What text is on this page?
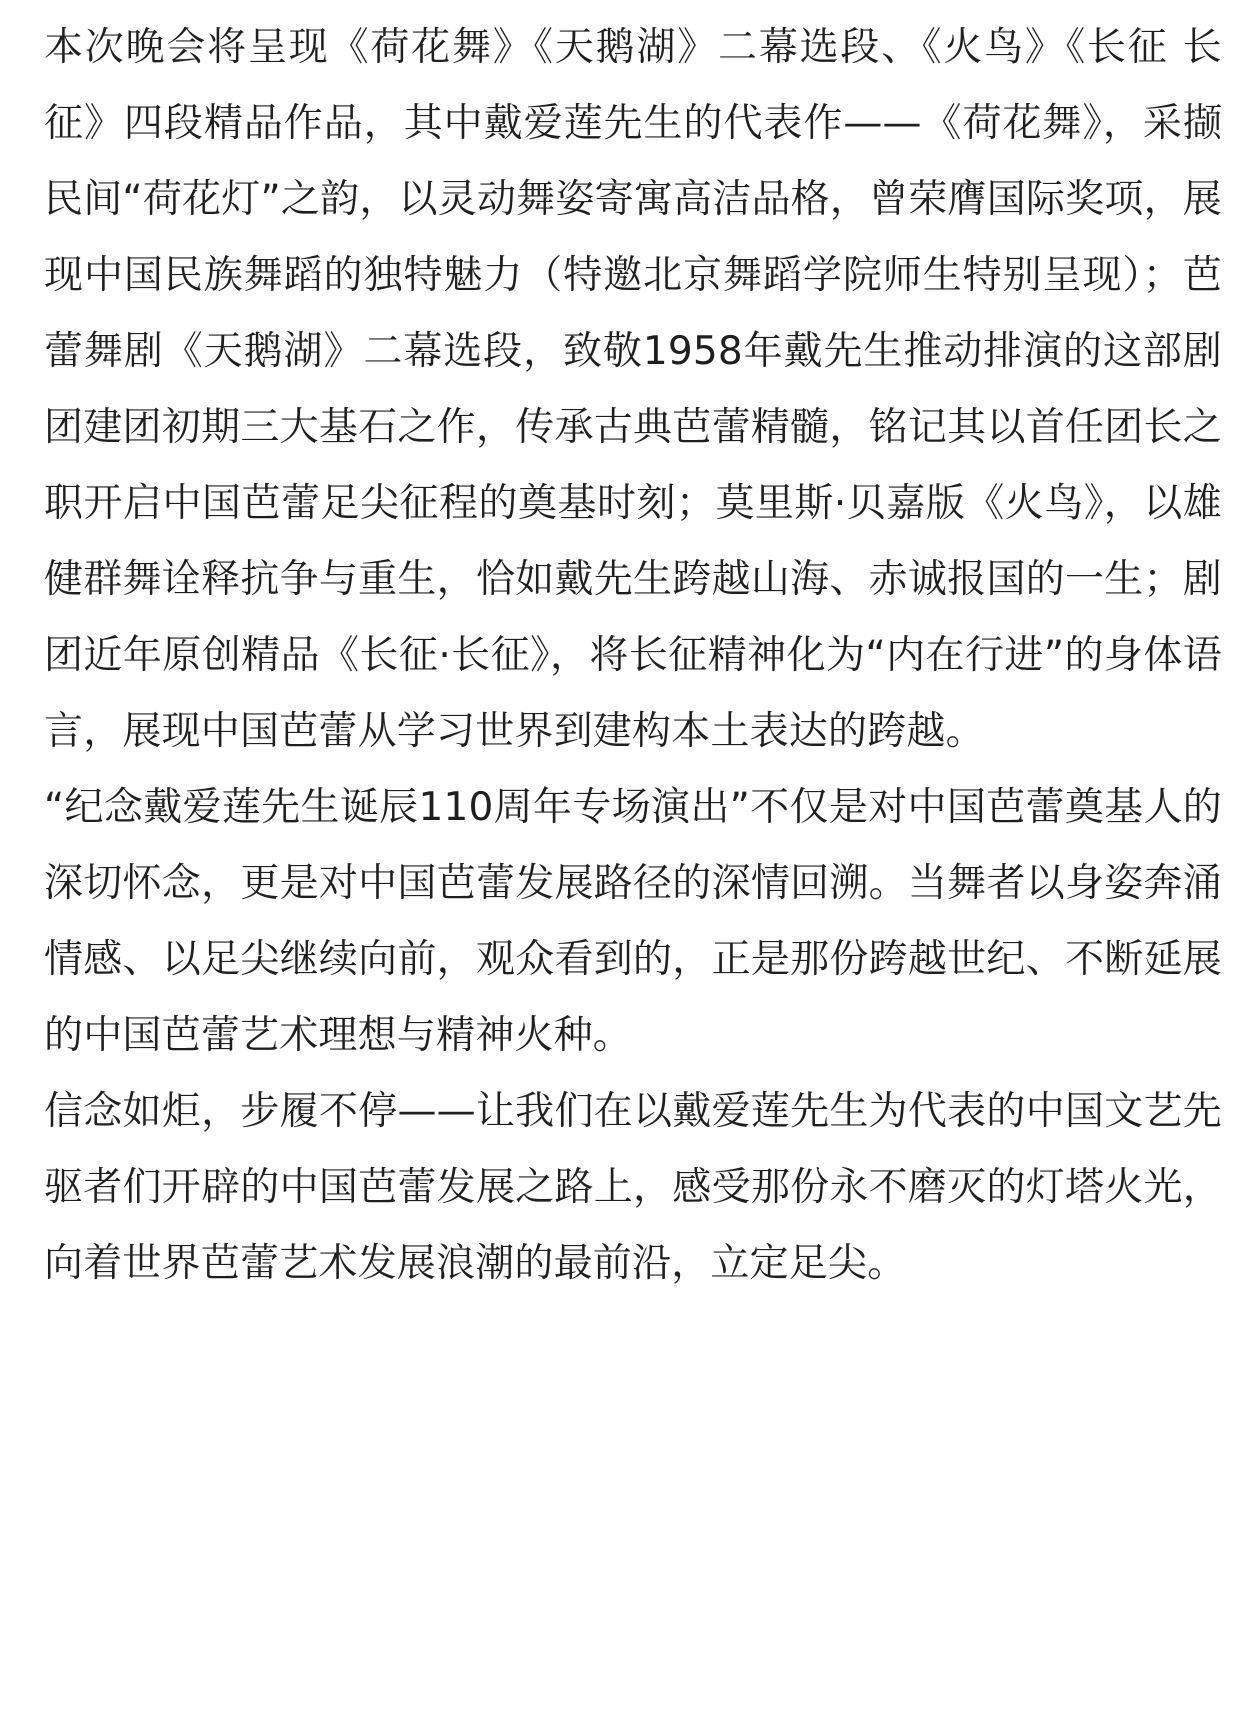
本次晚会将呈现《荷花舞》《天鹅湖》二幕选段、《火鸟》《长征 长征》四段精品作品，其中戴爱莲先生的代表作——《荷花舞》，采撷民间“荷花灯”之韵，以灵动舞姿寄寓高洁品格，曾荣膺国际奖项，展现中国民族舞蹈的独特魅力（特邀北京舞蹈学院师生特别呈现）；芭蕾舞剧《天鹅湖》二幕选段，致敬1958年戴先生推动排演的这部剧团建团初期三大基石之作，传承古典芭蕾精髓，铭记其以首任团长之职开启中国芭蕾足尖征程的奠基时刻；莫里斯·贝嘉版《火鸟》，以雄健群舞诠释抗争与重生，恰如戴先生跨越山海、赤诚报国的一生；剧团近年原创精品《长征·长征》，将长征精神化为“内在行进”的身体语言，展现中国芭蕾从学习世界到建构本土表达的跨越。

“纪念戴爱莲先生诞辰110周年专场演出”不仅是对中国芭蕾奠基人的深切怀念，更是对中国芭蕾发展路径的深情回溯。当舞者以身姿奔涌情感、以足尖继续向前，观众看到的，正是那份跨越世纪、不断延展的中国芭蕾艺术理想与精神火种。

信念如炬，步履不停——让我们在以戴爱莲先生为代表的中国文艺先驱者们开辟的中国芭蕾发展之路上，感受那份永不磨灭的灯塔火光，向着世界芭蕾艺术发展浪潮的最前沿，立定足尖。
